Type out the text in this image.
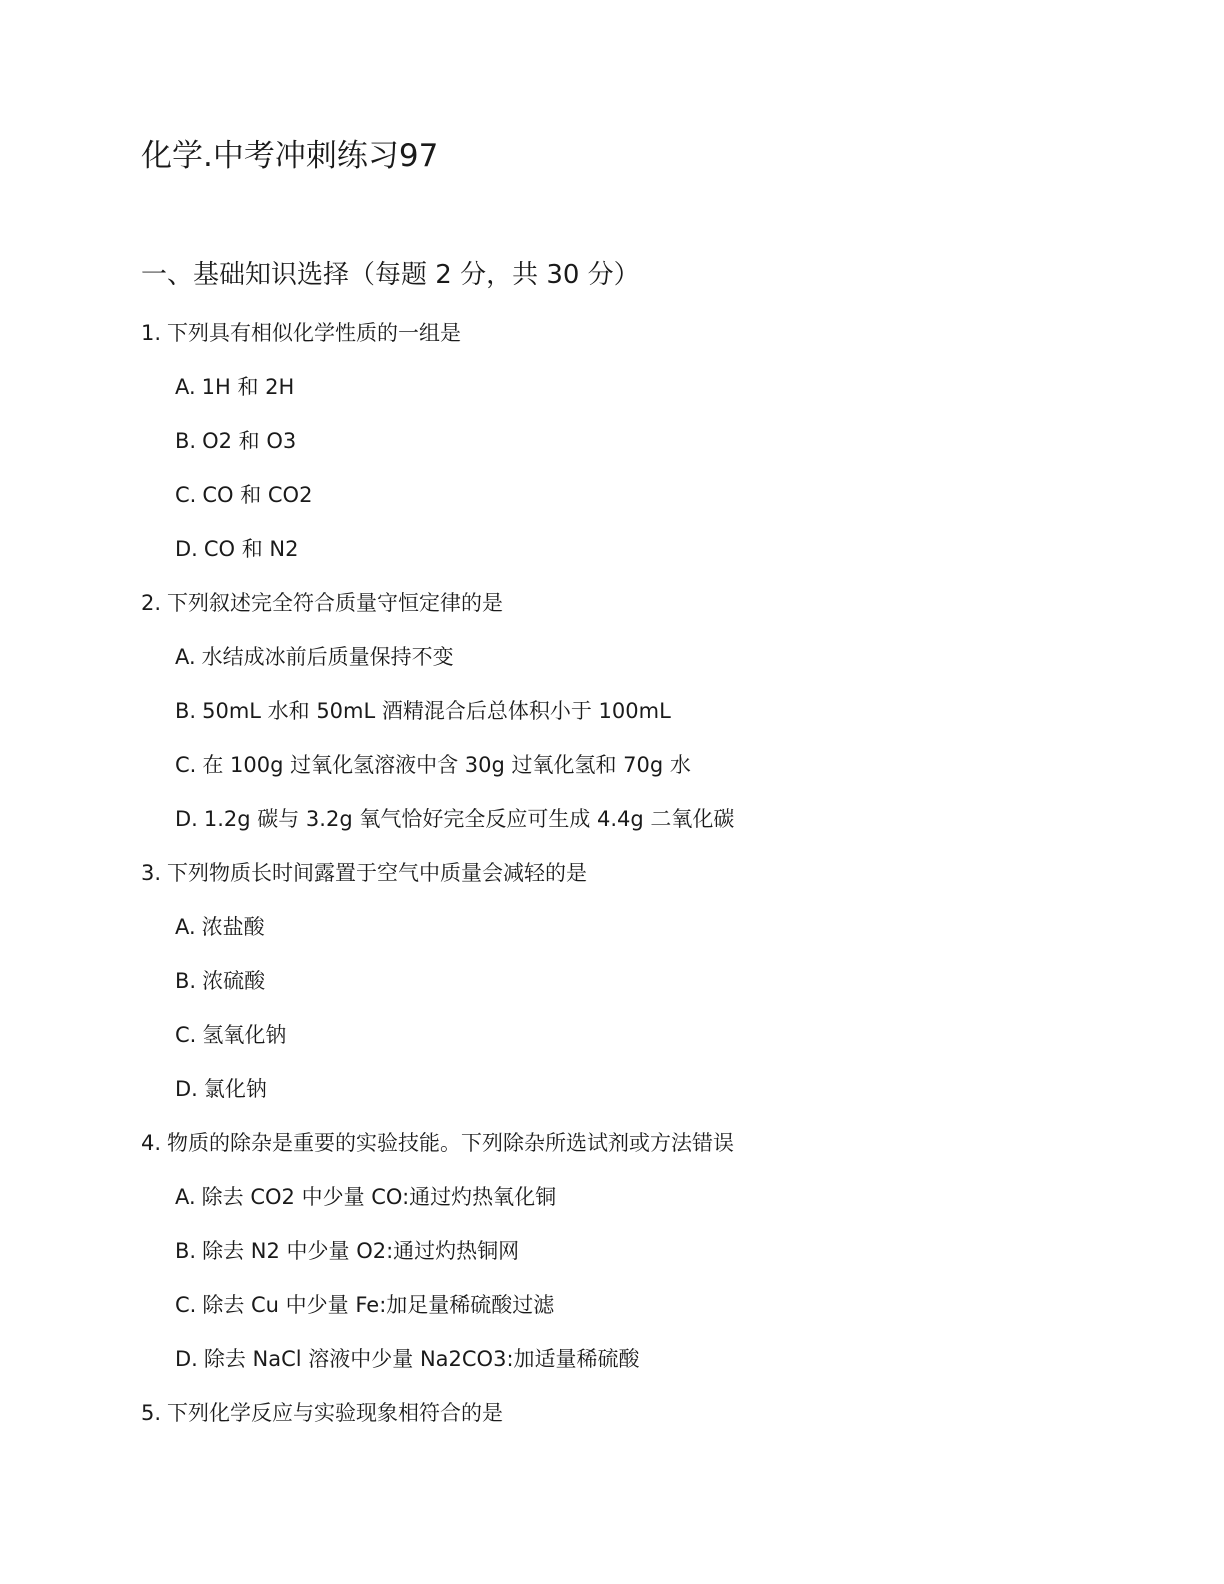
化学.中考冲刺练习97
一、基础知识选择（每题 2 分，共 30 分）
1. 下列具有相似化学性质的一组是
A. 1H 和 2H
B. O2 和 O3
C. CO 和 CO2
D. CO 和 N2
2. 下列叙述完全符合质量守恒定律的是
A. 水结成冰前后质量保持不变
B. 50mL 水和 50mL 酒精混合后总体积小于 100mL
C. 在 100g 过氧化氢溶液中含 30g 过氧化氢和 70g 水
D. 1.2g 碳与 3.2g 氧气恰好完全反应可生成 4.4g 二氧化碳
3. 下列物质长时间露置于空气中质量会减轻的是
A. 浓盐酸
B. 浓硫酸
C. 氢氧化钠
D. 氯化钠
4. 物质的除杂是重要的实验技能。下列除杂所选试剂或方法错误
A. 除去 CO2 中少量 CO:通过灼热氧化铜
B. 除去 N2 中少量 O2:通过灼热铜网
C. 除去 Cu 中少量 Fe:加足量稀硫酸过滤
D. 除去 NaCl 溶液中少量 Na2CO3:加适量稀硫酸
5. 下列化学反应与实验现象相符合的是
